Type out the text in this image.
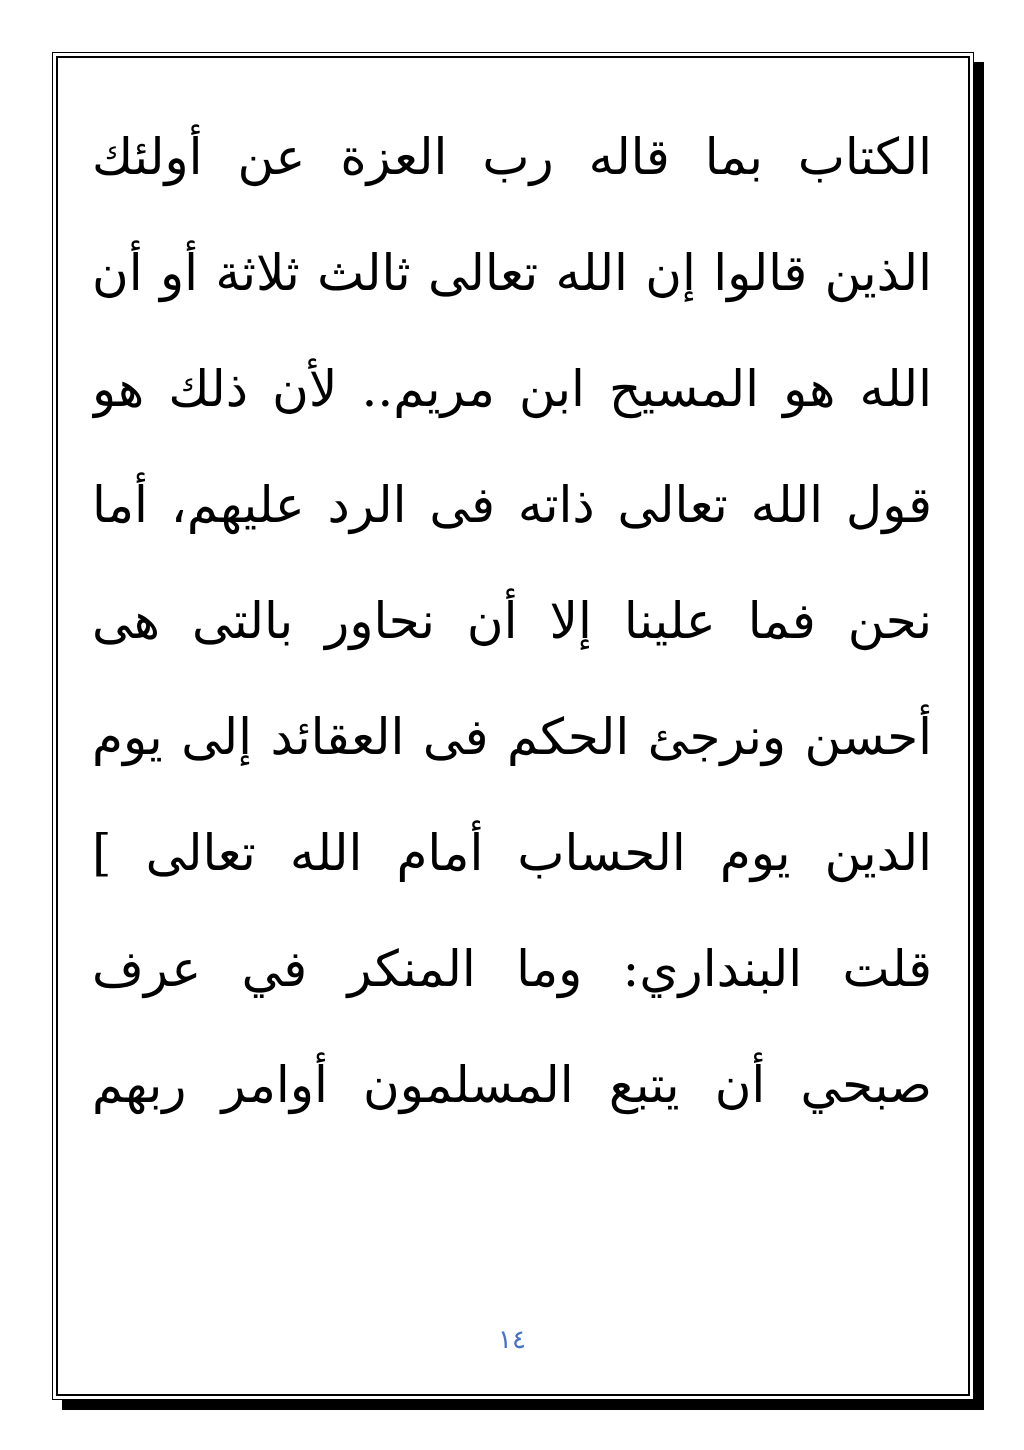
الكتاب بما قاله رب العزة عن أولئك
الذين قالوا إن الله تعالى ثالث ثلاثة أو أن
الله هو المسيح ابن مريم.. لأن ذلك هو
قول الله تعالى ذاته فى الرد عليهم، أما
نحن فما علينا إلا أن نحاور بالتى هى
أحسن ونرجئ الحكم فى العقائد إلى يوم
الدين يوم الحساب أمام الله تعالى ]
قلت البنداري: وما المنكر في عرف
صبحي أن يتبع المسلمون أوامر ربهم
١٤
